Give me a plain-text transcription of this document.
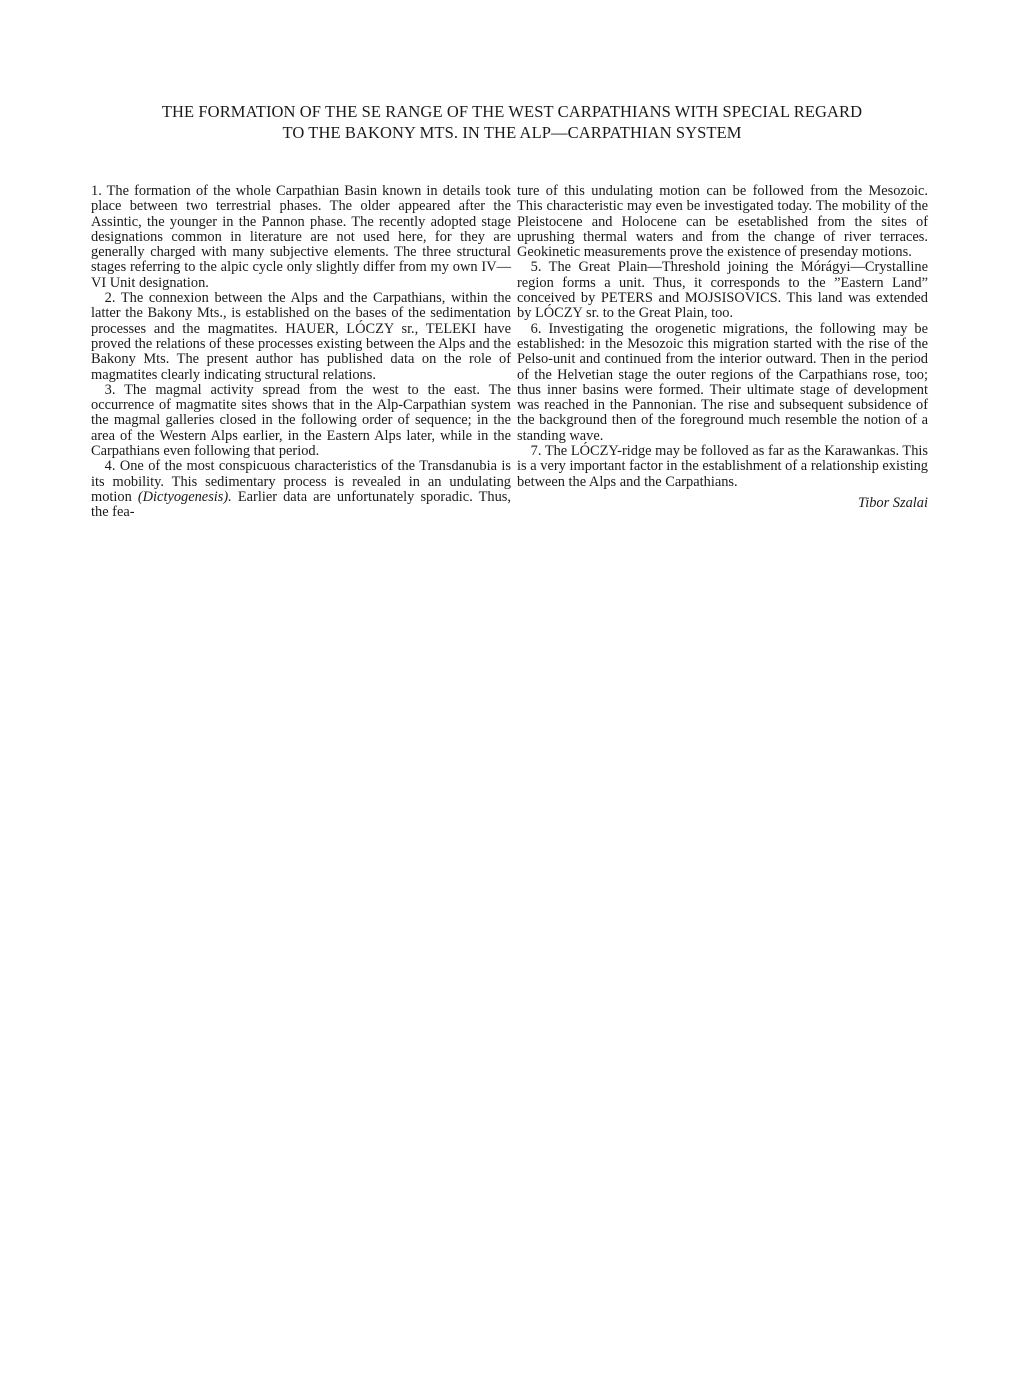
THE FORMATION OF THE SE RANGE OF THE WEST CARPATHIANS WITH SPECIAL REGARD
TO THE BAKONY MTS. IN THE ALP—CARPATHIAN SYSTEM

1. The formation of the whole Carpathian Basin known in details took place between two terrestrial phases. The older appeared after the Assintic, the younger in the Pannon phase. The recently adopted stage designations common in literature are not used here, for they are generally charged with many subjective elements. The three structural stages referring to the alpic cycle only slightly differ from my own IV—VI Unit designation.

2. The connexion between the Alps and the Carpathians, within the latter the Bakony Mts., is established on the bases of the sedimentation processes and the magmatites. HAUER, LÓCZY sr., TELEKI have proved the relations of these processes existing between the Alps and the Bakony Mts. The present author has published data on the role of magmatites clearly indicating structural relations.

3. The magmal activity spread from the west to the east. The occurrence of magmatite sites shows that in the Alp-Carpathian system the magmal galleries closed in the following order of sequence; in the area of the Western Alps earlier, in the Eastern Alps later, while in the Carpathians even following that period.

4. One of the most conspicuous characteristics of the Transdanubia is its mobility. This sedimentary process is revealed in an undulating motion (Dictyogenesis). Earlier data are unfortunately sporadic. Thus, the fea-

ture of this undulating motion can be followed from the Mesozoic. This characteristic may even be investigated today. The mobility of the Pleistocene and Holocene can be esetablished from the sites of uprushing thermal waters and from the change of river terraces. Geokinetic measurements prove the existence of presenday motions.

5. The Great Plain—Threshold joining the Mórágyi—Crystalline region forms a unit. Thus, it corresponds to the ”Eastern Land” conceived by PETERS and MOJSISOVICS. This land was extended by LÓCZY sr. to the Great Plain, too.

6. Investigating the orogenetic migrations, the following may be established: in the Mesozoic this migration started with the rise of the Pelso-unit and continued from the interior outward. Then in the period of the Helvetian stage the outer regions of the Carpathians rose, too; thus inner basins were formed. Their ultimate stage of development was reached in the Pannonian. The rise and subsequent subsidence of the background then of the foreground much resemble the notion of a standing wave.

7. The LÓCZY-ridge may be folloved as far as the Karawankas. This is a very important factor in the establishment of a relationship existing between the Alps and the Carpathians.

Tibor Szalai
